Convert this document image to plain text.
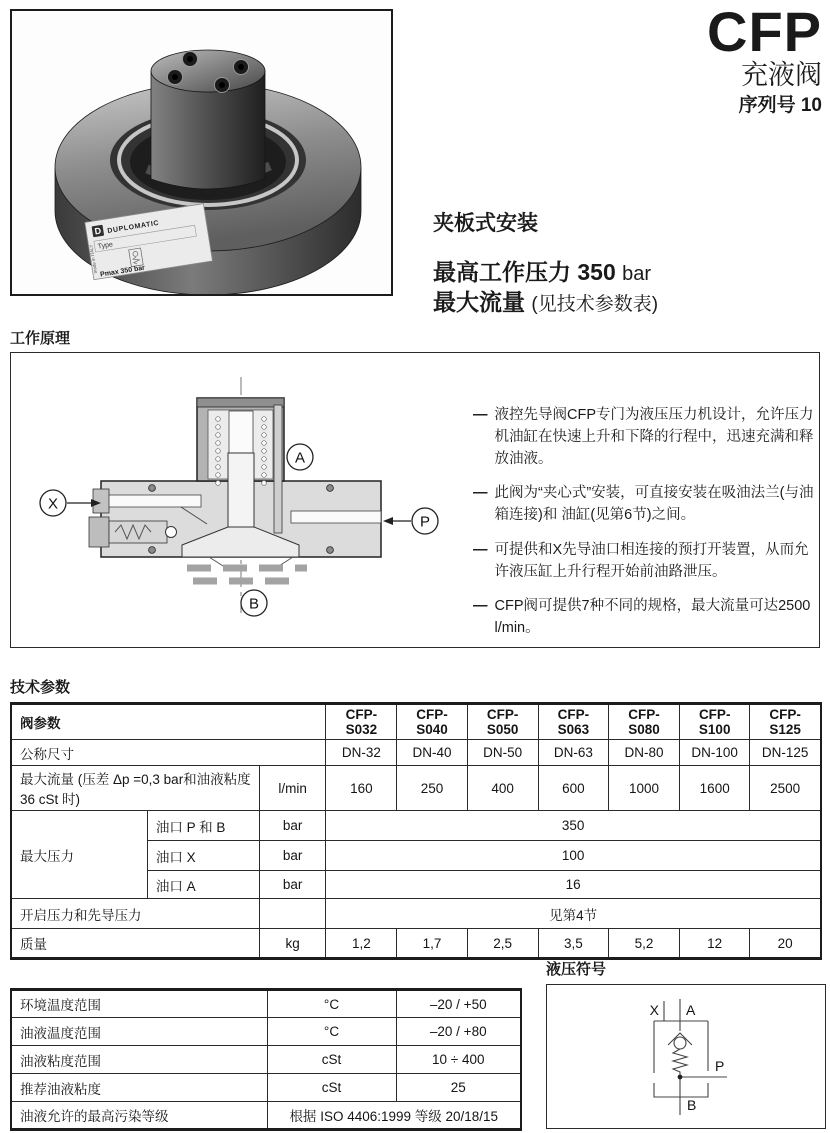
D DUPLOMATIC
Type
Pmax 350 bar
made in ITALY
CFP
充液阀
序列号 10
夹板式安装
最高工作压力 350 bar
最大流量 (见技术参数表)
工作原理
X
A
P
B
— 液控先导阀CFP专门为液压压力机设计，允许压力机油缸在快速上升和下降的行程中，迅速充满和释放油液。
— 此阀为“夹心式”安装，可直接安装在吸油法兰(与油箱连接)和 油缸(见第6节)之间。
— 可提供和X先导油口相连接的预打开装置，从而允许液压缸上升行程开始前油路泄压。
— CFP阀可提供7种不同的规格，最大流量可达2500 l/min。
技术参数
阀参数			CFP-S032	CFP-S040	CFP-S050	CFP-S063	CFP-S080	CFP-S100	CFP-S125
公称尺寸			DN-32	DN-40	DN-50	DN-63	DN-80	DN-100	DN-125
最大流量 (压差 Δp =0,3 bar和油液粘度36 cSt 时)		l/min	160	250	400	600	1000	1600	2500
最大压力	油口 P 和 B	bar	350						
	油口 X	bar	100						
	油口 A	bar	16						
开启压力和先导压力			见第4节						
质量		kg	1,2	1,7	2,5	3,5	5,2	12	20
环境温度范围	°C	–20 / +50
油液温度范围	°C	–20 / +80
油液粘度范围	cSt	10 ÷ 400
推荐油液粘度	cSt	25
油液允许的最高污染等级	根据 ISO 4406:1999 等级 20/18/15	
液压符号
X A
P
B
